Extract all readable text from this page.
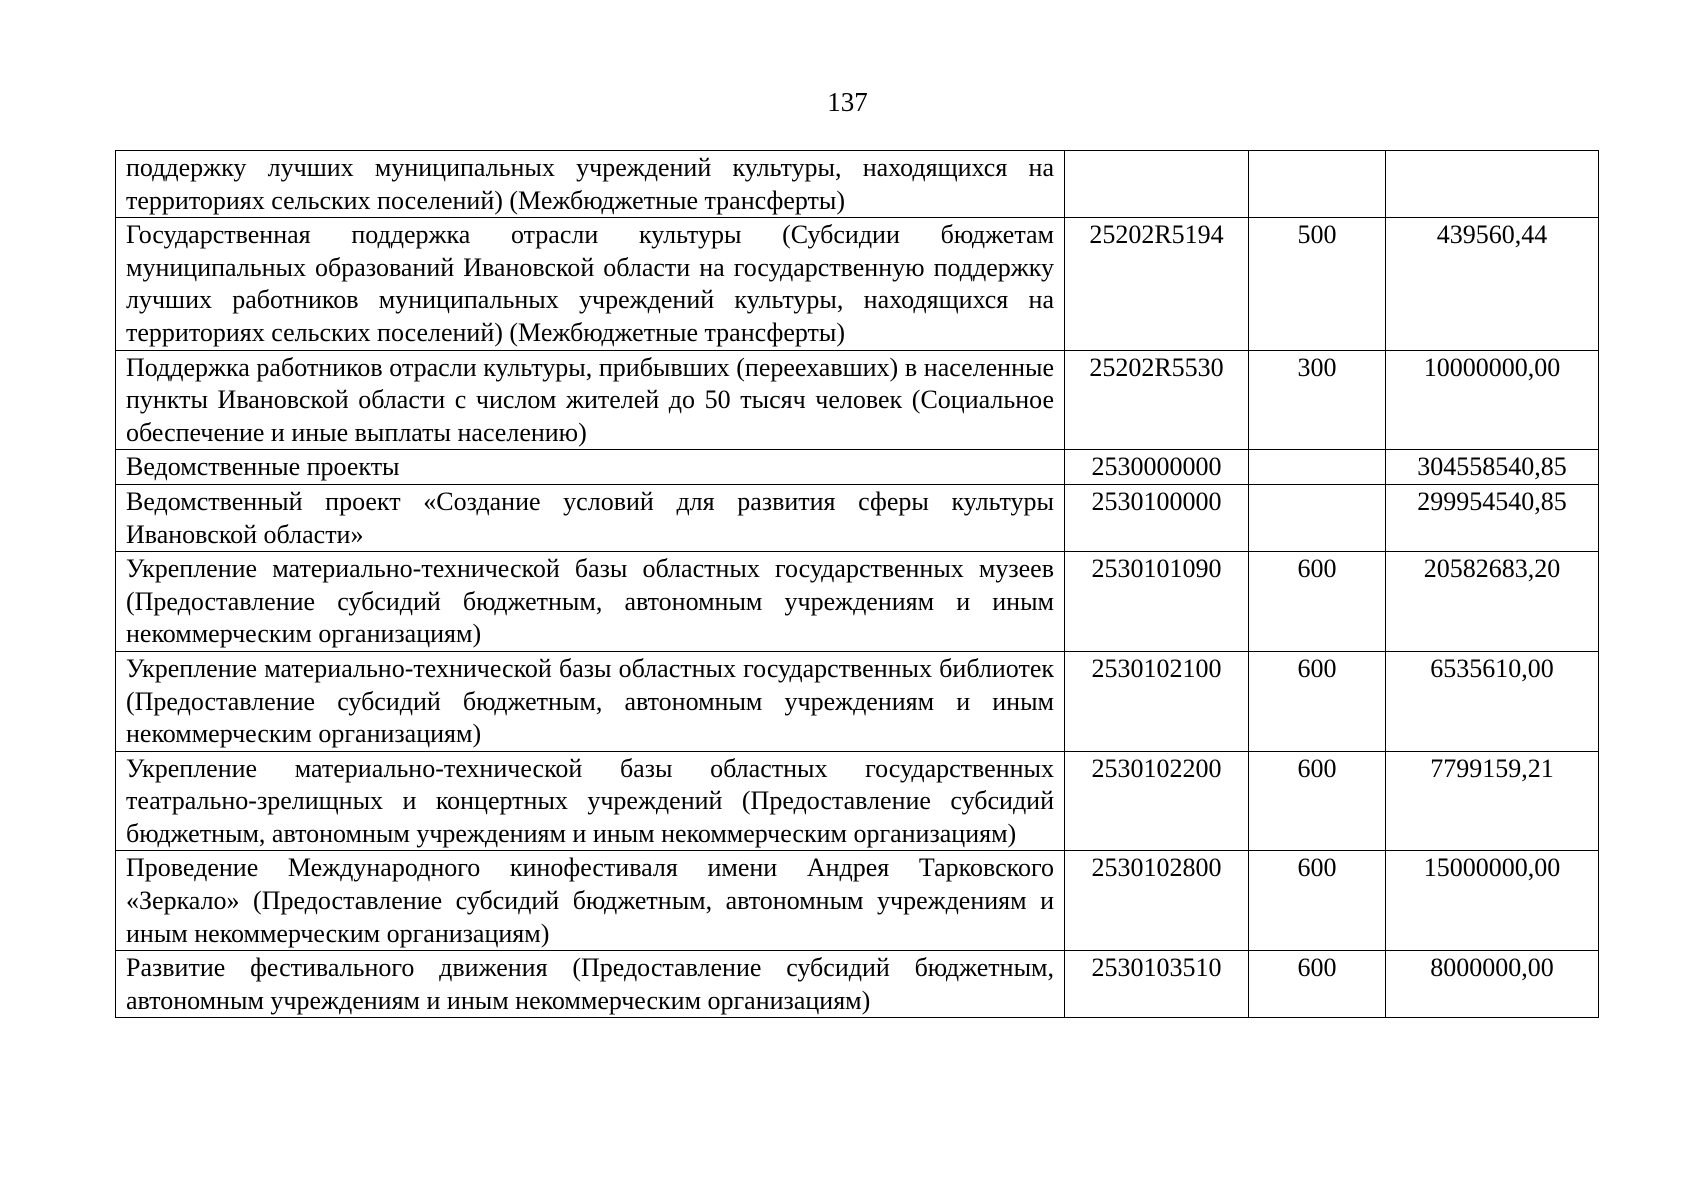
137
поддержку лучших муниципальных учреждений культуры, находящихся на территориях сельских поселений) (Межбюджетные трансферты)			
Государственная поддержка отрасли культуры (Субсидии бюджетам муниципальных образований Ивановской области на государственную поддержку лучших работников муниципальных учреждений культуры, находящихся на территориях сельских поселений) (Межбюджетные трансферты)	25202R5194	500	439560,44
Поддержка работников отрасли культуры, прибывших (переехавших) в населенные пункты Ивановской области с числом жителей до 50 тысяч человек (Социальное обеспечение и иные выплаты населению)	25202R5530	300	10000000,00
Ведомственные проекты	2530000000		304558540,85
Ведомственный проект «Создание условий для развития сферы культуры Ивановской области»	2530100000		299954540,85
Укрепление материально-технической базы областных государственных музеев (Предоставление субсидий бюджетным, автономным учреждениям и иным некоммерческим организациям)	2530101090	600	20582683,20
Укрепление материально-технической базы областных государственных библиотек (Предоставление субсидий бюджетным, автономным учреждениям и иным некоммерческим организациям)	2530102100	600	6535610,00
Укрепление материально-технической базы областных государственных театрально-зрелищных и концертных учреждений (Предоставление субсидий бюджетным, автономным учреждениям и иным некоммерческим организациям)	2530102200	600	7799159,21
Проведение Международного кинофестиваля имени Андрея Тарковского «Зеркало» (Предоставление субсидий бюджетным, автономным учреждениям и иным некоммерческим организациям)	2530102800	600	15000000,00
Развитие фестивального движения (Предоставление субсидий бюджетным, автономным учреждениям и иным некоммерческим организациям)	2530103510	600	8000000,00
